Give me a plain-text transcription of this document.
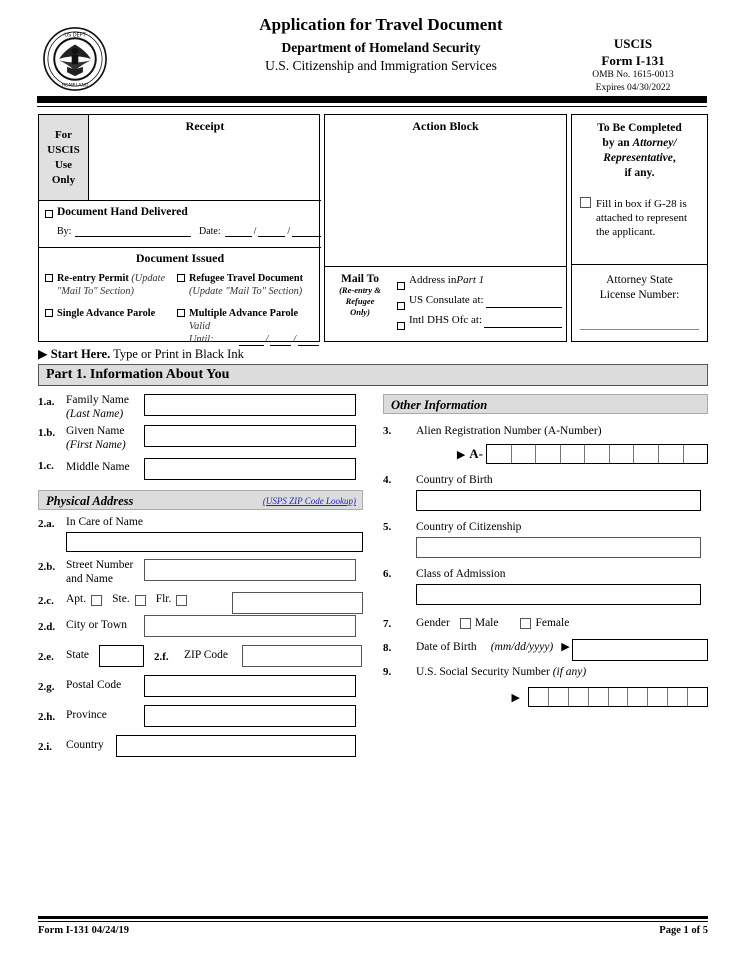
US DEPT
HOMELAND
Application for Travel Document
Department of Homeland Security
U.S. Citizenship and Immigration Services
USCIS
Form I-131
OMB No. 1615-0013
Expires 04/30/2022
For
USCIS
Use
Only
Receipt
Document Hand Delivered
By:	Date:	/	/
Document Issued
Re-entry Permit (Update
"Mail To" Section)
Single Advance Parole
Refugee Travel Document
(Update "Mail To" Section)
Multiple Advance Parole
Valid Until:	/ /
Action Block
Mail To
(Re-entry &
Refugee
Only)
Address in Part 1
US Consulate at:
Intl DHS Ofc at:
To Be Completed
by an Attorney/
Representative,
if any.
Fill in box if G-28 is attached to represent the applicant.
Attorney State
License Number:
▶ Start Here. Type or Print in Black Ink
Part 1. Information About You
1.a.	Family Name
(Last Name)
1.b. Given Name
(First Name)
1.c.	Middle Name
Physical Address	(USPS ZIP Code Lookup)
2.a.	In Care of Name
2.b. Street Number
and Name
2.c.	Apt. Ste. Flr.
2.d. City or Town
2.e.	State	2.f.	ZIP Code
2.g.	Postal Code
2.h. Province
2.i.	Country
Other Information
3.	Alien Registration Number (A-Number)
▶ A-
4.	Country of Birth
5.	Country of Citizenship
6.	Class of Admission
7.	Gender Male	Female
8.	Date of Birth (mm/dd/yyyy) ▶
9.	U.S. Social Security Number (if any)
▶
Form I-131 04/24/19	Page 1 of 5
